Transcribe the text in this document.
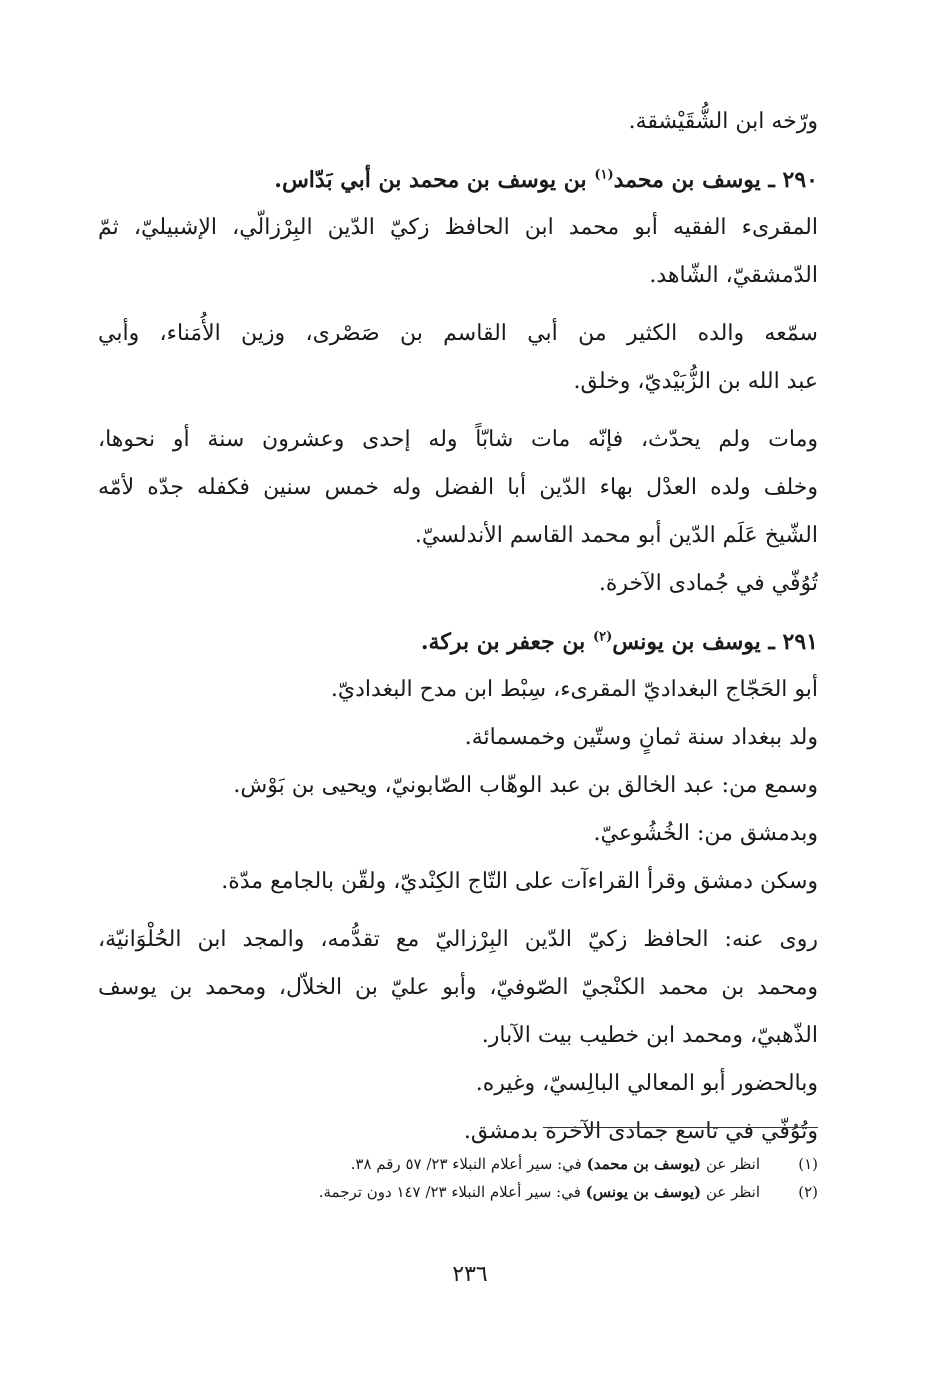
ورّخه ابن الشُّقَيْشقة.
٢٩٠ ـ يوسف بن محمد$^{(١)}$ بن يوسف بن محمد بن أبي بَدّاس.
المقرىء الفقيه أبو محمد ابن الحافظ زكيّ الدّين البِرْزالّي، الإشبيليّ، ثمّ
الدّمشقيّ، الشّاهد.
سمّعه والده الكثير من أبي القاسم بن صَصْرى، وزين الأُمَناء، وأبي
عبد الله بن الزُّبَيْديّ، وخلق.
ومات ولم يحدّث، فإنّه مات شابّاً وله إحدى وعشرون سنة أو نحوها،
وخلف ولده العدْل بهاء الدّين أبا الفضل وله خمس سنين فكفله جدّه لأمّه
الشّيخ عَلَم الدّين أبو محمد القاسم الأندلسيّ.
تُوُفّي في جُمادى الآخرة.
٢٩١ ـ يوسف بن يونس$^{(٢)}$ بن جعفر بن بركة.
أبو الحَجّاج البغداديّ المقرىء، سِبْط ابن مدح البغداديّ.
ولد ببغداد سنة ثمانٍ وستّين وخمسمائة.
وسمع من: عبد الخالق بن عبد الوهّاب الصّابونيّ، ويحيى بن بَوْش.
وبدمشق من: الخُشُوعيّ.
وسكن دمشق وقرأ القراءآت على التّاج الكِنْديّ، ولقّن بالجامع مدّة.
روى عنه: الحافظ زكيّ الدّين البِرْزاليّ مع تقدُّمه، والمجد ابن الحُلْوَانيّة،
ومحمد بن محمد الكنْجيّ الصّوفيّ، وأبو عليّ بن الخلاّل، ومحمد بن يوسف
الذّهبيّ، ومحمد ابن خطيب بيت الآبار.
وبالحضور أبو المعالي البالِسيّ، وغيره.
وتُوُفّي في تاسع جمادى الآخرة بدمشق.
(١)انظر عن (يوسف بن محمد) في: سير أعلام النبلاء ٢٣/ ٥٧ رقم ٣٨.
(٢)انظر عن (يوسف بن يونس) في: سير أعلام النبلاء ٢٣/ ١٤٧ دون ترجمة.
٢٣٦
